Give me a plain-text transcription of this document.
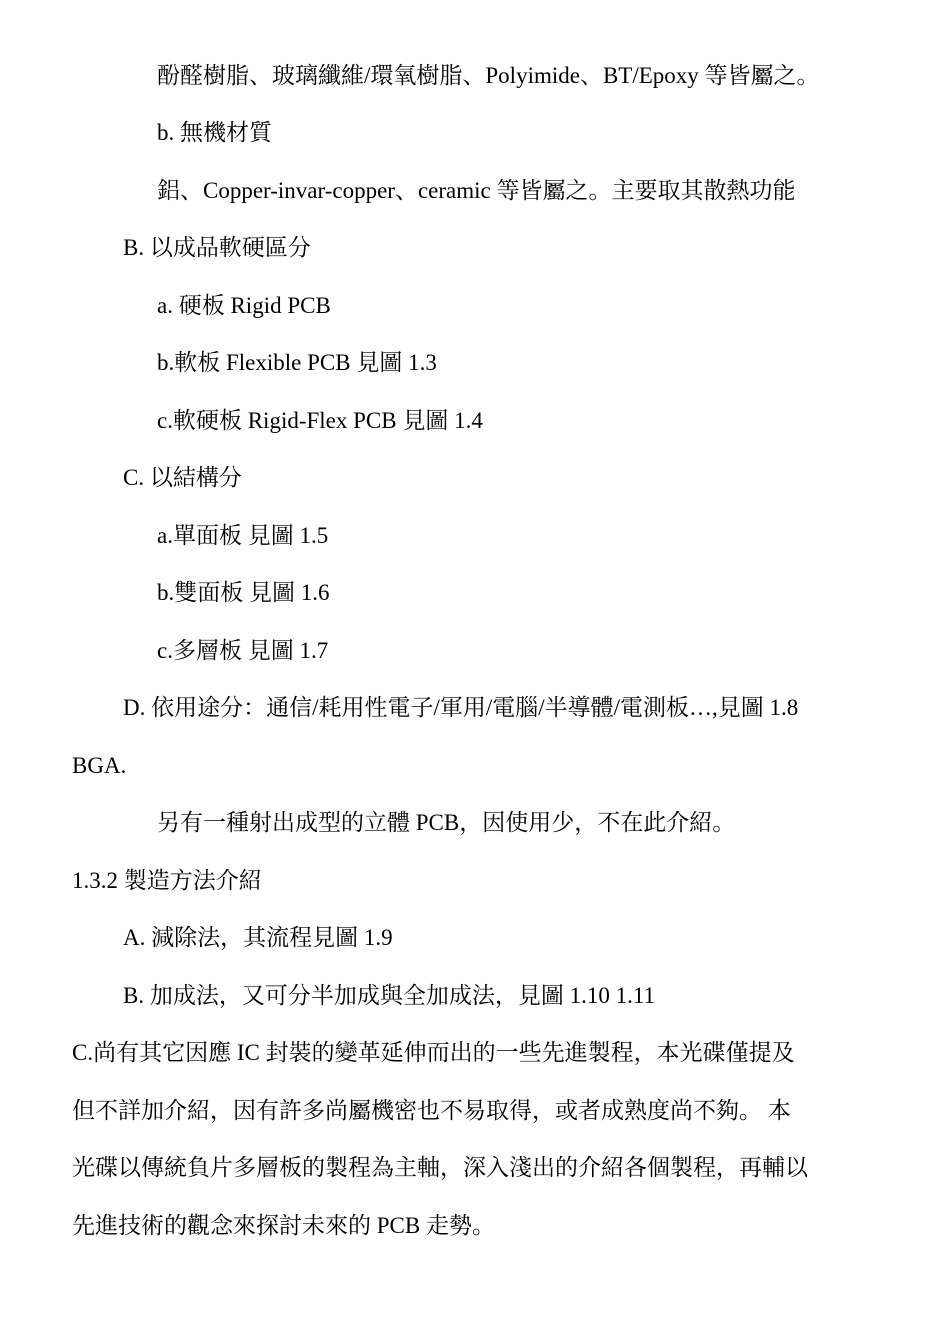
酚醛樹脂、玻璃纖維/環氧樹脂、Polyimide、BT/Epoxy 等皆屬之。
b. 無機材質
鋁、Copper-invar-copper、ceramic 等皆屬之。主要取其散熱功能
B. 以成品軟硬區分
a. 硬板 Rigid PCB
b.軟板 Flexible PCB 見圖 1.3
c.軟硬板 Rigid-Flex PCB 見圖 1.4
C. 以結構分
a.單面板 見圖 1.5
b.雙面板 見圖 1.6
c.多層板 見圖 1.7
D. 依用途分：通信/耗用性電子/軍用/電腦/半導體/電測板…,見圖 1.8
BGA.
另有一種射出成型的立體 PCB，因使用少，不在此介紹。
1.3.2 製造方法介紹
A. 減除法，其流程見圖 1.9
B. 加成法，又可分半加成與全加成法，見圖 1.10 1.11
C.尚有其它因應 IC 封裝的變革延伸而出的一些先進製程，本光碟僅提及
但不詳加介紹，因有許多尚屬機密也不易取得，或者成熟度尚不夠。 本
光碟以傳統負片多層板的製程為主軸，深入淺出的介紹各個製程，再輔以
先進技術的觀念來探討未來的 PCB 走勢。
